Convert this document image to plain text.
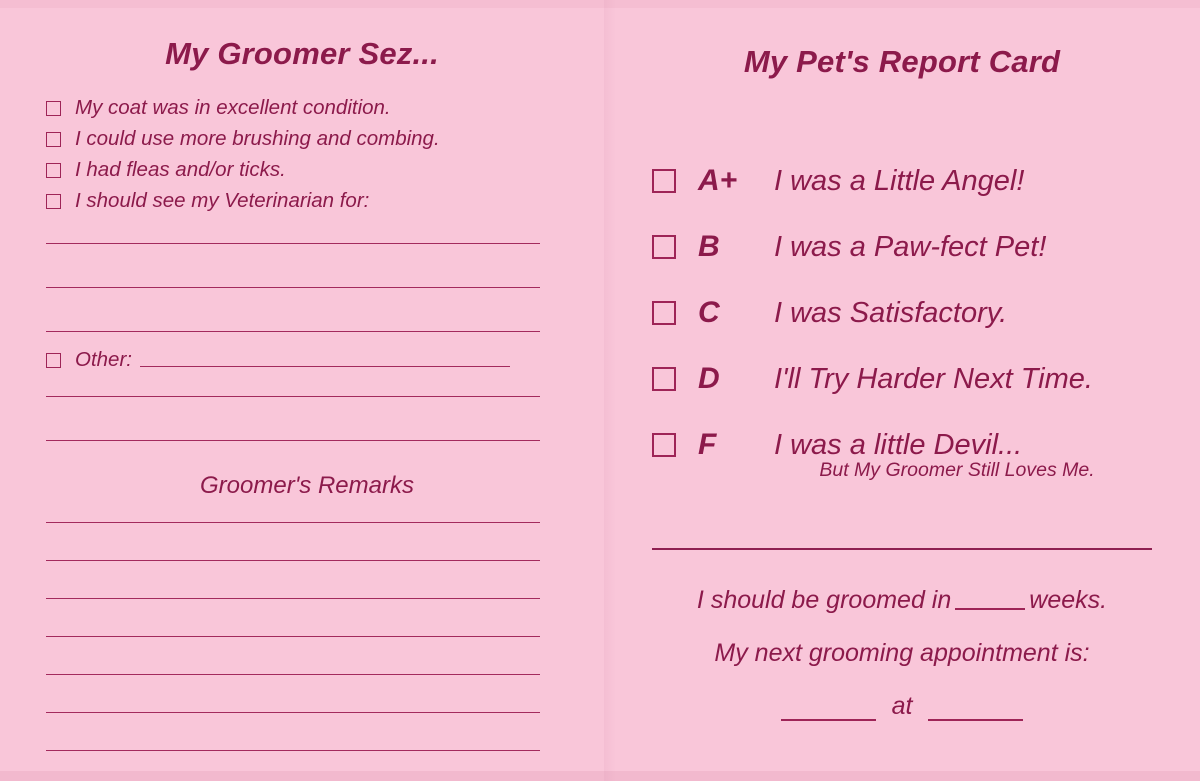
My Groomer Sez...
My coat was in excellent condition.
I could use more brushing and combing.
I had fleas and/or ticks.
I should see my Veterinarian for:
Other:
Groomer's Remarks
My Pet's Report Card
A+	I was a Little Angel!
B	I was a Paw-fect Pet!
C	I was Satisfactory.
D	I'll Try Harder Next Time.
F	I was a little Devil...
But My Groomer Still Loves Me.
I should be groomed in	weeks.
My next grooming appointment is:
at
